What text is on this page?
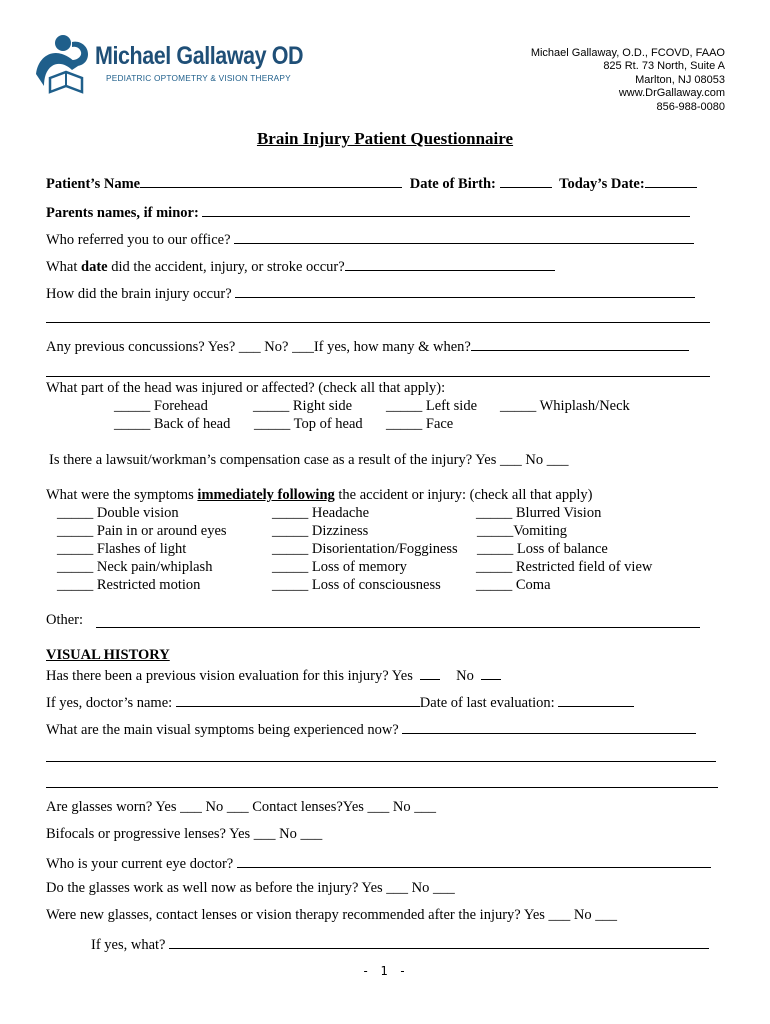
Michael Gallaway OD
PEDIATRIC OPTOMETRY & VISION THERAPY
Michael Gallaway, O.D., FCOVD, FAAO
825 Rt. 73 North, Suite A
Marlton, NJ 08053
www.DrGallaway.com
856-988-0080
Brain Injury Patient Questionnaire
Patient’s Name	Date of Birth:	Today’s Date:
Parents names, if minor:
Who referred you to our office?
What date did the accident, injury, or stroke occur?
How did the brain injury occur?
Any previous concussions? Yes? ___ No? ___If yes, how many & when?
What part of the head was injured or affected? (check all that apply):
_____ Forehead	_____ Right side _____ Left side _____ Whiplash/Neck
_____ Back of head _____ Top of head _____ Face
Is there a lawsuit/workman’s compensation case as a result of the injury? Yes ___ No ___
What were the symptoms immediately following the accident or injury: (check all that apply)
_____ Double vision	_____ Headache	_____ Blurred Vision
_____ Pain in or around eyes	_____ Dizziness	_____Vomiting
_____ Flashes of light	_____ Disorientation/Fogginess _____ Loss of balance
_____ Neck pain/whiplash	_____ Loss of memory	_____ Restricted field of view
_____ Restricted motion	_____ Loss of consciousness _____ Coma
Other:
VISUAL HISTORY
Has there been a previous vision evaluation for this injury? Yes	No
If yes, doctor’s name:	Date of last evaluation:
What are the main visual symptoms being experienced now?
Are glasses worn? Yes ___ No ___ Contact lenses?Yes ___ No ___
Bifocals or progressive lenses? Yes ___ No ___
Who is your current eye doctor?
Do the glasses work as well now as before the injury? Yes ___ No ___
Were new glasses, contact lenses or vision therapy recommended after the injury? Yes ___ No ___
If yes, what?
- 1 -
